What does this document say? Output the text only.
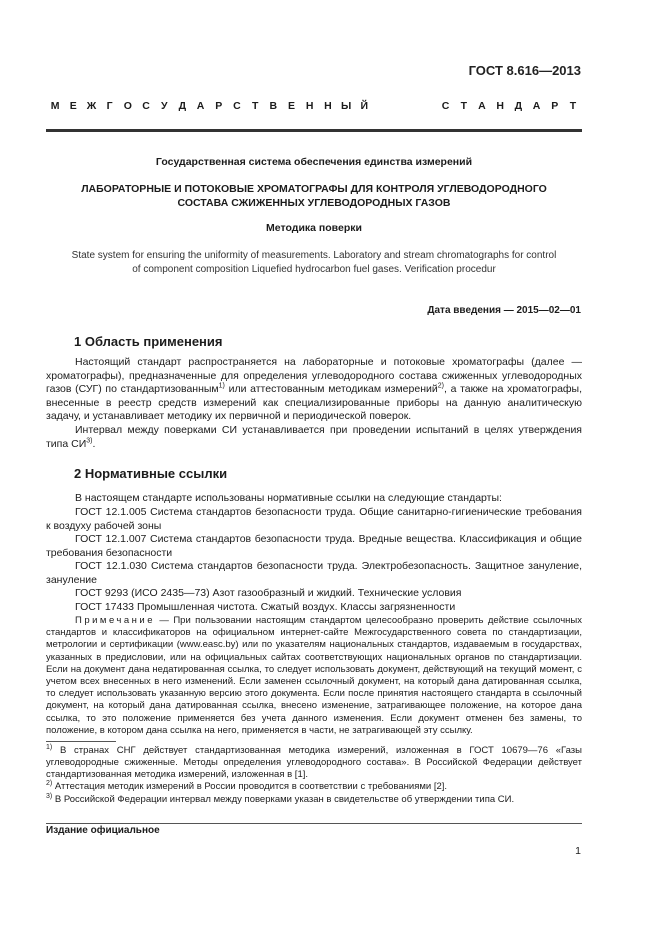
ГОСТ 8.616—2013
М Е Ж Г	О С	У	Д	А	Р	С	Т	В	Е	Н	Н Ы Й	С	Т	А	Н	Д	А	Р	Т
Государственная система обеспечения единства измерений
ЛАБОРАТОРНЫЕ И ПОТОКОВЫЕ ХРОМАТОГРАФЫ ДЛЯ КОНТРОЛЯ УГЛЕВОДОРОДНОГО
СОСТАВА СЖИЖЕННЫХ УГЛЕВОДОРОДНЫХ ГАЗОВ
Методика поверки
State system for ensuring the uniformity of measurements. Laboratory and stream chromatographs for control
of component composition Liquefied hydrocarbon fuel gases. Verification procedur
Дата введения — 2015—02—01
1 Область применения
Настоящий стандарт распространяется на лабораторные и потоковые хроматографы (далее — хроматографы), предназначенные для определения углеводородного состава сжиженных углеводородных газов (СУГ) по стандартизованным$^{1)}$ или аттестованным методикам измерений$^{2)}$, а также на хроматографы, внесенные в реестр средств измерений как специализированные приборы на данную аналитическую задачу, и устанавливает методику их первичной и периодической поверок.
Интервал между поверками СИ устанавливается при проведении испытаний в целях утверждения типа СИ$^{3)}$.
2 Нормативные ссылки
В настоящем стандарте использованы нормативные ссылки на следующие стандарты:
ГОСТ 12.1.005 Система стандартов безопасности труда. Общие санитарно-гигиенические требования к воздуху рабочей зоны
ГОСТ 12.1.007 Система стандартов безопасности труда. Вредные вещества. Классификация и общие требования безопасности
ГОСТ 12.1.030 Система стандартов безопасности труда. Электробезопасность. Защитное зануление, зануление
ГОСТ 9293 (ИСО 2435—73) Азот газообразный и жидкий. Технические условия
ГОСТ 17433 Промышленная чистота. Сжатый воздух. Классы загрязненности
Примечание — При пользовании настоящим стандартом целесообразно проверить действие ссылочных стандартов и классификаторов на официальном интернет-сайте Межгосударственного совета по стандартизации, метрологии и сертификации (www.easc.by) или по указателям национальных стандартов, издаваемым в государствах, указанных в предисловии, или на официальных сайтах соответствующих национальных органов по стандартизации. Если на документ дана недатированная ссылка, то следует использовать документ, действующий на текущий момент, с учетом всех внесенных в него изменений. Если заменен ссылочный документ, на который дана датированная ссылка, то следует использовать указанную версию этого документа. Если после принятия настоящего стандарта в ссылочный документ, на который дана датированная ссылка, внесено изменение, затрагивающее положение, на которое дана ссылка, то это положение применяется без учета данного изменения. Если документ отменен без замены, то положение, в котором дана ссылка на него, применяется в части, не затрагивающей эту ссылку.
$^{1)}$ В странах СНГ действует стандартизованная методика измерений, изложенная в ГОСТ 10679—76 «Газы углеводородные сжиженные. Методы определения углеводородного состава». В Российской Федерации действует стандартизованная методика измерений, изложенная в [1].
$^{2)}$ Аттестация методик измерений в России проводится в соответствии с требованиями [2].
$^{3)}$ В Российской Федерации интервал между поверками указан в свидетельстве об утверждении типа СИ.
Издание официальное
1
